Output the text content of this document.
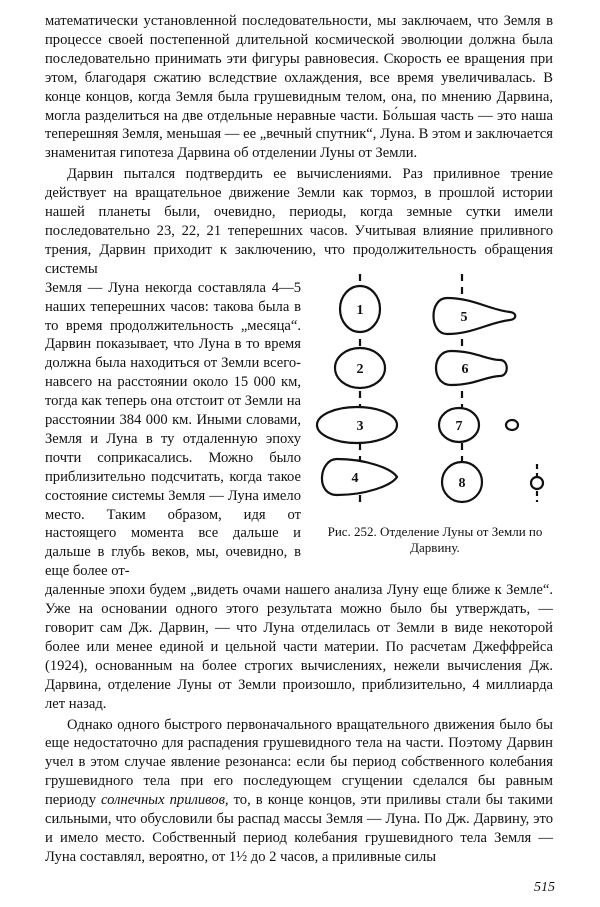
математически установленной последовательности, мы заключаем, что Земля в процессе своей постепенной длительной космической эволюции должна была последовательно принимать эти фигуры равновесия. Скорость ее вращения при этом, благодаря сжатию вследствие охлаждения, все время увеличивалась. В конце концов, когда Земля была грушевидным телом, она, по мнению Дарвина, могла разделиться на две отдельные неравные части. Бо́льшая часть — это наша теперешняя Земля, меньшая — ее „вечный спутник“, Луна. В этом и заключается знаменитая гипотеза Дарвина об отделении Луны от Земли.

Дарвин пытался подтвердить ее вычислениями. Раз приливное трение действует на вращательное движение Земли как тормоз, в прошлой истории нашей планеты были, очевидно, периоды, когда земные сутки имели последовательно 23, 22, 21 теперешних часов. Учитывая влияние приливного трения, Дарвин приходит к заключению, что продолжительность обращения системы
Земля — Луна некогда составляла 4—5 наших теперешних часов: такова была в то время продолжительность „месяца“. Дарвин показывает, что Луна в то время должна была находиться от Земли всего-навсего на расстоянии около 15 000 км, тогда как теперь она отстоит от Земли на расстоянии 384 000 км. Иными словами, Земля и Луна в ту отдаленную эпоху почти соприкасались. Можно было приблизительно подсчитать, когда такое состояние системы Земля — Луна имело место. Таким образом, идя от настоящего момента все дальше и дальше в глубь веков, мы, очевидно, в еще более от-
даленные эпохи будем „видеть очами нашего анализа Луну еще ближе к Земле“. Уже на основании одного этого результата можно было бы утверждать, — говорит сам Дж. Дарвин, — что Луна отделилась от Земли в виде некоторой более или менее единой и цельной части материи. По расчетам Джеффрейса (1924), основанным на более строгих вычислениях, нежели вычисления Дж. Дарвина, отделение Луны от Земли произошло, приблизительно, 4 миллиарда лет назад.

Однако одного быстрого первоначального вращательного движения было бы еще недостаточно для распадения грушевидного тела на части. Поэтому Дарвин учел в этом случае явление резонанса: если бы период собственного колебания грушевидного тела при его последующем сгущении сделался бы равным периоду солнечных приливов, то, в конце концов, эти приливы стали бы такими сильными, что обусловили бы распад массы Земля — Луна. По Дж. Дарвину, это и имело место. Собственный период колебания грушевидного тела Земля — Луна составлял, вероятно, от 1½ до 2 часов, а приливные силы

1
2
3
4
5
6
7
8
Рис. 252. Отделение Луны от Земли по Дарвину.
515
